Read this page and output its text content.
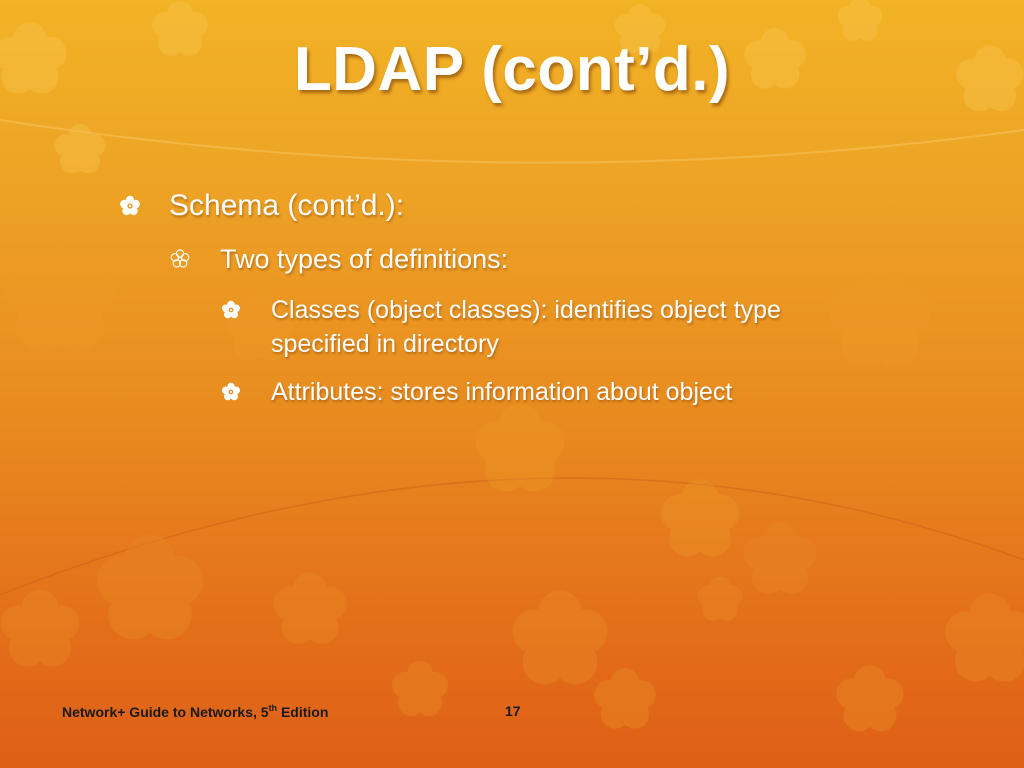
LDAP (cont’d.)
Schema (cont’d.):
Two types of definitions:
Classes (object classes): identifies object type
specified in directory
Attributes: stores information about object
Network+ Guide to Networks, 5th Edition	17
